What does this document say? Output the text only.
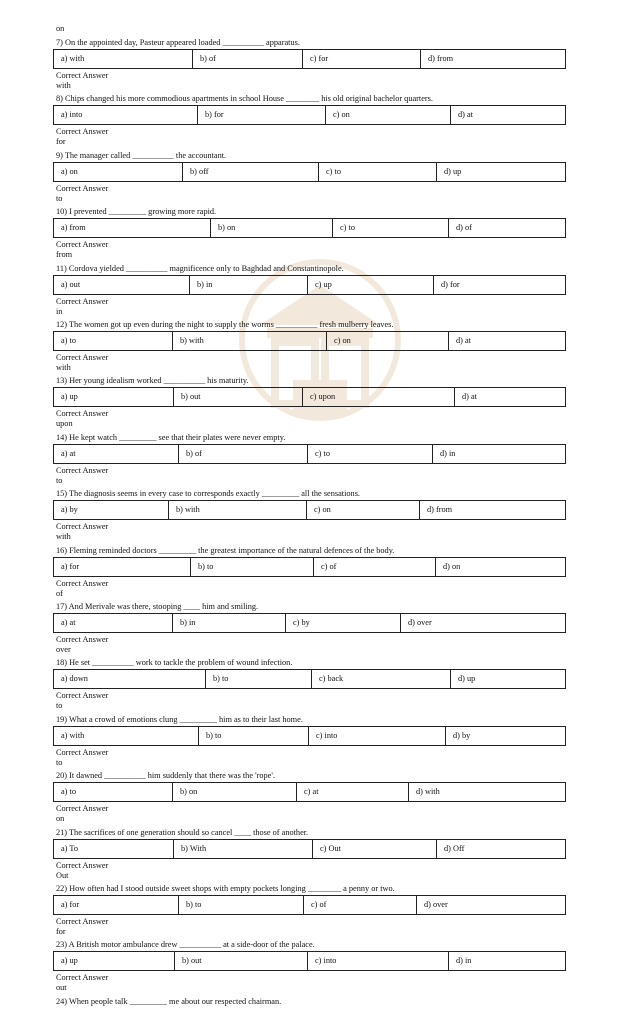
on
7) On the appointed day, Pasteur appeared loaded __________ apparatus.
a) with	b) of	c) for	d) from
Correct Answer
with
8) Chips changed his more commodious apartments in school House ________ his old original bachelor quarters.
a) into	b) for	c) on	d) at
Correct Answer
for
9) The manager called __________ the accountant.
a) on	b) off	c) to	d) up
Correct Answer
to
10) I prevented _________ growing more rapid.
a) from	b) on	c) to	d) of
Correct Answer
from
11) Cordova yielded __________ magnificence only to Baghdad and Constantinopole.
a) out	b) in	c) up	d) for
Correct Answer
in
12) The women got up even during the night to supply the worms __________ fresh mulberry leaves.
a) to	b) with	c) on	d) at
Correct Answer
with
13) Her young idealism worked __________ his maturity.
a) up	b) out	c) upon	d) at
Correct Answer
upon
14) He kept watch _________ see that their plates were never empty.
a) at	b) of	c) to	d) in
Correct Answer
to
15) The diagnosis seems in every case to corresponds exactly _________ all the sensations.
a) by	b) with	c) on	d) from
Correct Answer
with
16) Fleming reminded doctors _________ the greatest importance of the natural defences of the body.
a) for	b) to	c) of	d) on
Correct Answer
of
17) And Merivale was there, stooping ____ him and smiling.
a) at	b) in	c) by	d) over
Correct Answer
over
18) He set __________ work to tackle the problem of wound infection.
a) down	b) to	c) back	d) up
Correct Answer
to
19) What a crowd of emotions clung _________ him as to their last home.
a) with	b) to	c) into	d) by
Correct Answer
to
20) It dawned __________ him suddenly that there was the 'rope'.
a) to	b) on	c) at	d) with
Correct Answer
on
21) The sacrifices of one generation should so cancel ____ those of another.
a) To	b) With	c) Out	d) Off
Correct Answer
Out
22) How often had I stood outside sweet shops with empty pockets longing ________ a penny or two.
a) for	b) to	c) of	d) over
Correct Answer
for
23) A British motor ambulance drew __________ at a side-door of the palace.
a) up	b) out	c) into	d) in
Correct Answer
out
24) When people talk _________ me about our respected chairman.
